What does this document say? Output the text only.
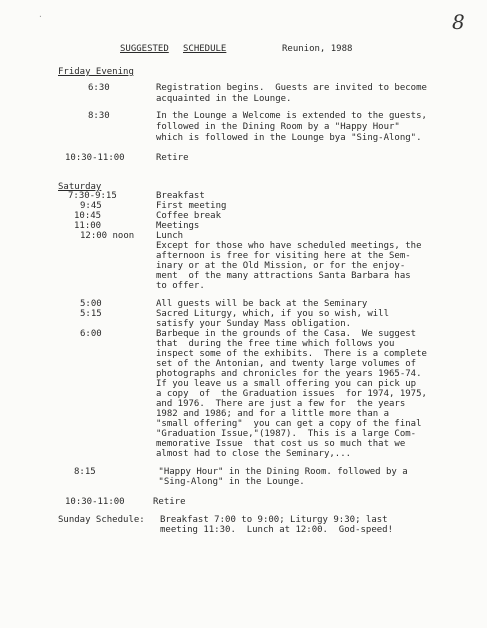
·	8
SUGGESTED SCHEDULE	Reunion, 1988
Friday Evening
6:30	Registration begins.  Guests are invited to become
acquainted in the Lounge.
8:30	In the Lounge a Welcome is extended to the guests,
followed in the Dining Room by a "Happy Hour"
which is followed in the Lounge bya "Sing-Along".
10:30-11:00	Retire
Saturday
7:30-9:15	Breakfast
9:45	First meeting
10:45	Coffee break
11:00	Meetings
12:00 noon Lunch
Except for those who have scheduled meetings, the
afternoon is free for visiting here at the Sem-
inary or at the Old Mission, or for the enjoy-
ment  of the many attractions Santa Barbara has
to offer.
5:00	All guests will be back at the Seminary
5:15	Sacred Liturgy, which, if you so wish, will
satisfy your Sunday Mass obligation.
6:00	Barbeque in the grounds of the Casa.  We suggest
that  during the free time which follows you
inspect some of the exhibits.  There is a complete
set of the Antonian, and twenty large volumes of
photographs and chronicles for the years 1965-74.
If you leave us a small offering you can pick up
a copy  of  the Graduation issues  for 1974, 1975,
and 1976.  There are just a few for  the years
1982 and 1986; and for a little more than a
"small offering"  you can get a copy of the final
"Graduation Issue,"(1987).  This is a large Com-
memorative Issue  that cost us so much that we
almost had to close the Seminary,...
8:15	"Happy Hour" in the Dining Room. followed by a
"Sing-Along" in the Lounge.
10:30-11:00	Retire
Sunday Schedule: Breakfast 7:00 to 9:00; Liturgy 9:30; last
meeting 11:30.  Lunch at 12:00.  God-speed!
